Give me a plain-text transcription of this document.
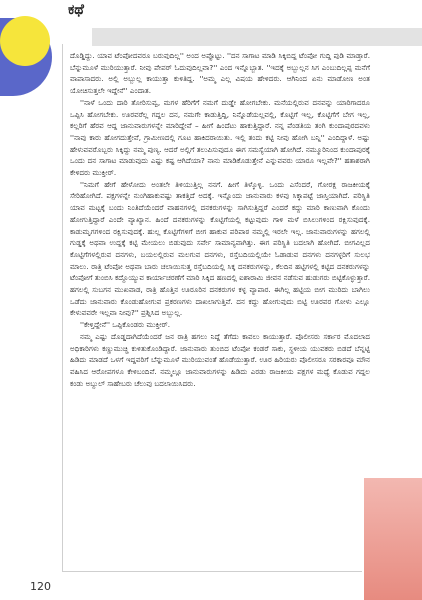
ಕಥೆ

ದೊಡ್ಡಿದ್ದು. ಯಾವ ಟೆಂಪೋದವರೂ ಬರುವುದಿಲ್ಲ'' ಅಂದ ಅಪ್ಪೊಟ್ಟು. ''ದನ ಸಾಗಾಟ ಮಾಡಿ ಸಿಕ್ಕಿಬಿದ್ದ ಟೆಂಪೋ ಗುದ್ದಿ ಪುಡಿ ಮಾಡ್ತಾರೆ. ಬೆನ್ನುಮೂಳೆ ಮುರಿಯುತ್ತಾರೆ. ನೀವು ಪೇಪರ್ ಓದುವುದಿಲ್ಲವಾ?'' ಎಂದ ಇನ್ನೊಬ್ಬಾತ. ''ಇದಕ್ಕೆ ಅಬ್ಬುಲ್ಲನ ಸಿಗ ಎಂಬುದಿಲ್ಲಪ್ಪ ಮನೆಗೆ ವಾಪಾಸಾದರು. ಅಲ್ಲಿ ಅಬ್ಬುಲ್ಲ ಕಾಯುತ್ತಾ ಕುಳಿತಿದ್ದ. ''ಅಮ್ಮ ಎಲ್ಲ ವಿಷಯ ಹೇಳಿದರು. ಆಗಿನಿಂದ ಏನು ಮಾಡೋಣ ಅಂತ ಯೋಚಿಸುತ್ತಲೇ ಇದ್ದೇನೆ'' ಎಂದಾತ.

''ನಾಳೆ ಒಂದು ದಾರಿ ತೋರಿಸುವ್ವ, ಮಗಳ ಹೆರಿಗೆಗೆ ನಮಗೆ ದುಡ್ಡೇ ಹೋಗಬೇಕು. ಮನೆಯಲ್ಲಿರುವ ದನವನ್ನು ಯಾರಿಗಾದರೂ ಒಪ್ಪಿಸಿ ಹೋಗಬೇಕು. ಊರವರೆಲ್ಲ ಗದ್ದಲ ದನ, ನಮಗೇ ಕಾಡುತ್ತಿದ್ದಿ, ನಿನ್ನೊಡೆಯಲ್ಲವಲ್ಲಿ, ಕೊಟ್ಟಿಗೆ ಇಲ್ಲ, ಕೊಟ್ಟಿಗೆಗೆ ಬೇಗ ಇಲ್ಲ, ಕಲ್ಲರಿಗೆ ಹೆರವ ಆದ್ದ ಜಾನುವಾರುಗಳನ್ನೇ ಮಾರಿದ್ದೇವೆ – ಹೀಗೆ ಹಿಂದೆಟು ಹಾಕುತ್ತಿದ್ದಾರೆ. ನನ್ನ ಪೆಂಡತಿಯ ತಂಗಿ ಕುಂದಾಪುರದವಳು ''ನಾವು ಕಾರು ಹೋಗದುತ್ತೇವೆ, ಗ್ರಾಮೀಣದಲ್ಲಿ ಗೂಟ ಹಾಕಿದರಾಯಿತು. ಇಲ್ಲಿ ತಂದು ಕಟ್ಟಿ ನೀವು ಹೋಗಿ ಬನ್ನಿ'' ಎಂದಿದ್ದಾಳೆ. ಅಷ್ಟು ಹೇಳುವವರೊಬ್ಬರು ಸಿಕ್ಕಿದ್ದು ನಮ್ಮ ಪುಣ್ಯ. ಆದರೆ ಅಲ್ಲಿಗೆ ತಲುಪಿಸುವುದೂ ಈಗ ಸಮಸ್ಯೆಯಾಗಿ ಹೋಗಿದೆ. ನಮ್ಮೂರಿನಿಂದ ಕುಂದಾಪುರಕ್ಕೆ ಒಂದು ದನ ಸಾಗಾಟ ಮಾಡುವುದು ಎಷ್ಟು ಕಷ್ಟ ಆಗಿದೆಯಾ? ನಾನು ಮಾಡಿಕೊಡುತ್ತೇನೆ ಎನ್ನುವವರು ಯಾರೂ ಇಲ್ಲವೇ?'' ಹತಾಶರಾಗಿ ಕೇಳಿದರು ಮುಕ್ತೀರ್.

''ನಿಮಗೆ ಹೇಗೆ ಹೇಳೋದು ಅಂತಲೇ ತಿಳಿಯುತ್ತಿಲ್ಲ ನನಗೆ. ಹೀಗೆ ತಿಳ್ಕೊಳ್ಳಿ. ಒಂದು ಎಸೆಂದರೆ, ಗೋರಕ್ಷ ರಾಜಕೀಯಕ್ಕೆ ಸೇರಿಹೋಗಿದೆ. ಪಕ್ಷಗಳನ್ನೇ ನುಂಗಿಹಾಕುವಷ್ಟು ತಾಕತ್ತಿದೆ ಅದಕ್ಕೆ. ಇನ್ನೊಂದು ಜಾನುವಾರು ಕಳವು ಸಿಕ್ಕಾಪಟ್ಟೆ ಜಾಸ್ತಿಯಾಗಿದೆ. ಪರಿಸ್ಥಿತಿ ಯಾವ ಮಟ್ಟಕ್ಕೆ ಬಂದು ನಿಂತಿದೆಯೆಂದರೆ ವಾಹನಗಳಲ್ಲಿ ದನಕರುಗಳನ್ನು ಸಾಗಿಸುತ್ತಿದ್ದರೆ ಎಂದರೆ ಕದ್ದು ಮಾರಿ ಕಾಣುವಾಗಿ ಕೊಂದು ಹೋಗುತ್ತಿದ್ದಾರೆ ಎಂದೇ ವ್ಯಾಖ್ಯಾನ. ಹಿಂದೆ ದನಕರುಗಳನ್ನು ಕೊಟ್ಟಿಗೆಯಲ್ಲಿ ಕಟ್ಟುವುದು ಗಾಳಿ ಮಳೆ ಬಿಸಿಲುಗಳಿಂದ ರಕ್ಷಿಸುವುದಕ್ಕೆ. ಕಾಡುಮೃಗಗಳಿಂದ ರಕ್ಷಿಸುವುದಕ್ಕೆ. ಹುಲ್ಲ ಕೊಟ್ಟಿಗೆಗಳಿಗೆ ಬೀಗ ಹಾಕುವ ಪರಿಪಾಠ ನಮ್ಮಲ್ಲಿ ಇರಲೇ ಇಲ್ಲ. ಜಾನುವಾರುಗಳನ್ನು ಹಗಲಲ್ಲಿ ಗುಡ್ಡಕ್ಕೆ ಅಥವಾ ಉದ್ದಕ್ಕೆ ಕಟ್ಟಿ ಮೇಯಲು ಬಿಡುವುದು ಸರ್ವೇ ಸಾಮಾನ್ಯವಾಗಿತ್ತು. ಈಗ ಪರಿಸ್ಥಿತಿ ಬದಲಾಗಿ ಹೋಗಿದೆ. ಬೀಗವಿಲ್ಲದ ಕೊಟ್ಟಿಗೆಗಳಲ್ಲಿರುವ ದನಗಳು, ಬಯಲಲ್ಲಿರುವ ಮಲಗುವ ದನಗಳು, ರಸ್ತೆಬದಿಯಲ್ಲಿಯೇ ಓಡಾಡುವ ದನಗಳು ದನಗಳ್ಳರಿಗೆ ಸುಲಭ ಮಾಲು. ರಾತ್ರಿ ಟೆಂಪೋ ಅಥವಾ ಬಾರು ಚಲಾಯಿಸುತ್ತ ರಸ್ತೆಬದಿಯಲ್ಲಿ ಸಿಕ್ಕ ದನಕರುಗಳನ್ನು, ಕೆಲದಿನ ಹಟ್ಟಿಗಳಲ್ಲಿ ಕಟ್ಟಿದ ದನಕರುಗಳನ್ನು ಟೆಂಪೋಗೆ ತುಂಬಿಸಿ ಕದ್ದೊಯ್ಯುವ ಕಾರ್ಯಾಚರಣೆಗೆ ಮಾರಿ ಸಿಕ್ಕಿದ ಹಣದಲ್ಲಿ ಐಶಾರಾಮಿ ಜೀವನ ನಡೆಸುವ ಹುಡುಗರು ಬಿಟ್ಟಿಕೊಳ್ಳುತ್ತಾರೆ. ಹಗಲಲ್ಲಿ ಸುಬಗನ ಮುಖವಾಡ, ರಾತ್ರಿ ಹೊತ್ತಿನ ಊರೂರಿನ ದನಕರುಗಳ ಕಳ್ಳ ವ್ಯಾಪಾರ. ಈಗಿಲ್ಲ ಹಟ್ಟಿಯ ಬೀಗ ಮುರಿದು ಬಾಗಿಲು ಒಡೆದು ಜಾನುವಾರು ಕೊಂಡುಹೋಗುವ ಪ್ರಕರಣಗಳು ದಾಖಲಾಗುತ್ತಿವೆ. ದನ ಕದ್ದು ಹೋಗುವುದು ಬಿಟ್ಟಿ ಊರವರ ಗೋಳು ಎಲ್ಲೂ ಕೇಳುವವರೇ ಇಲ್ಲವಾ ನೀವು?'' ಪ್ರಶ್ನಿಸಿದ ಅಬ್ಬುಲ್ಲ.

''ಕೇಳ್ತಿದ್ದೇನೆ'' ಒಪ್ಪಿಕೊಂಡರು ಮುಕ್ತೀರ್.

ನಮ್ಮ ಎಷ್ಟು ದೊಡ್ಡದಾಗಿದೆಯೆಂದರೆ ಜನ ರಾತ್ರಿ ಹಗಲು ನಿದ್ದೆ ತೆಗೆದು ಕಾವಲು ಕಾಯುತ್ತಾರೆ. ಪೊಲೀಸರು ಸರ್ಕಾರ ಮೊದಲಾದ ಅಧಿಕಾರಿಗಳು ಕಣ್ಣುಮುಚ್ಚಿ ಕುಳಿತುಕೊಂಡಿದ್ದಾರೆ. ಜಾನುವಾರು ತುಂಬಿದ ಟೆಂಪೋ ಕಂಡರೆ ಸಾಕು, ಸ್ಥಳೀಯ ಯುವಕರು ಬಿಡದೆ ಬೆನ್ನಟ್ಟಿ ಹಿಡಿದು ಮಾಡದೆ ಒಳಗೆ ಇದ್ದವರಿಗೆ ಬೆನ್ನುಮೂಳೆ ಮುರಿಯುವಂತೆ ಹೊಡೆಯುತ್ತಾರೆ. ಊರ ಹಿರಿಯರು ಪೊಲೀಸರೂ ಸರಕಾರವೂ ಮೌನ ವಹಿಸಿದ ಆರೋಪಗಳೂ ಕೇಳಿಬಂದಿವೆ. ನಮ್ಮಲ್ಲೂ ಜಾನುವಾರುಗಳನ್ನು ಹಿಡಿದು ಎರಡು ರಾಜಕೀಯ ಪಕ್ಷಗಳ ಮಧ್ಯೆ ಕೊಡುವ ಗದ್ದಲ ಕಂಡು ಅಬ್ದುಲ್ ಸಾಹೇಬರು ಚೆಲುವು ಬದಲಾಯಿಸಿದರು.

120
